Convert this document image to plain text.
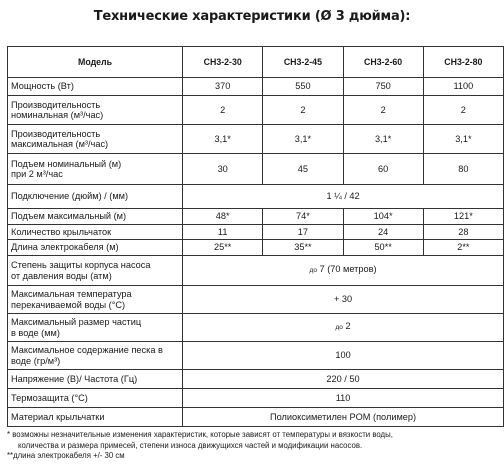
Технические характеристики (Ø 3 дюйма):
Модель	СН3-2-30	СН3-2-45	СН3-2-60	СН3-2-80
Мощность (Вт)	370	550	750	1100

Производительность
номинальная (м³/час)	2	2	2	2

Производительность
максимальная (м³/час)	3,1*	3,1*	3,1*	3,1*

Подъем номинальный (м)
при 2 м³/час	30	45	60	80
Подключение (дюйм) / (мм)	1 ¼ / 42			
Подъем максимальный (м)	48*	74*	104*	121*
Количество крыльчаток	11	17	24	28
Длина электрокабеля (м)	25**	35**	50**	2**

Степень защиты корпуса насоса
от давления воды (атм)	до 7 (70 метров)			

Максимальная температура
перекачиваемой воды (°С)	+ 30			

Максимальный размер частиц
в воде (мм)	до 2			

Максимальное содержание песка в
воде (гр/м³)	100			
Напряжение (В)/ Частота (Гц)	220 / 50			
Термозащита (°С)	110			
Материал крыльчатки	Полиоксиметилен POM (полимер)			
* возможны незначительные изменения характеристик, которые зависят от температуры и вязкости воды,
количества и размера примесей, степени износа движущихся частей и модификации насосов.
**длина электрокабеля +/- 30 см
